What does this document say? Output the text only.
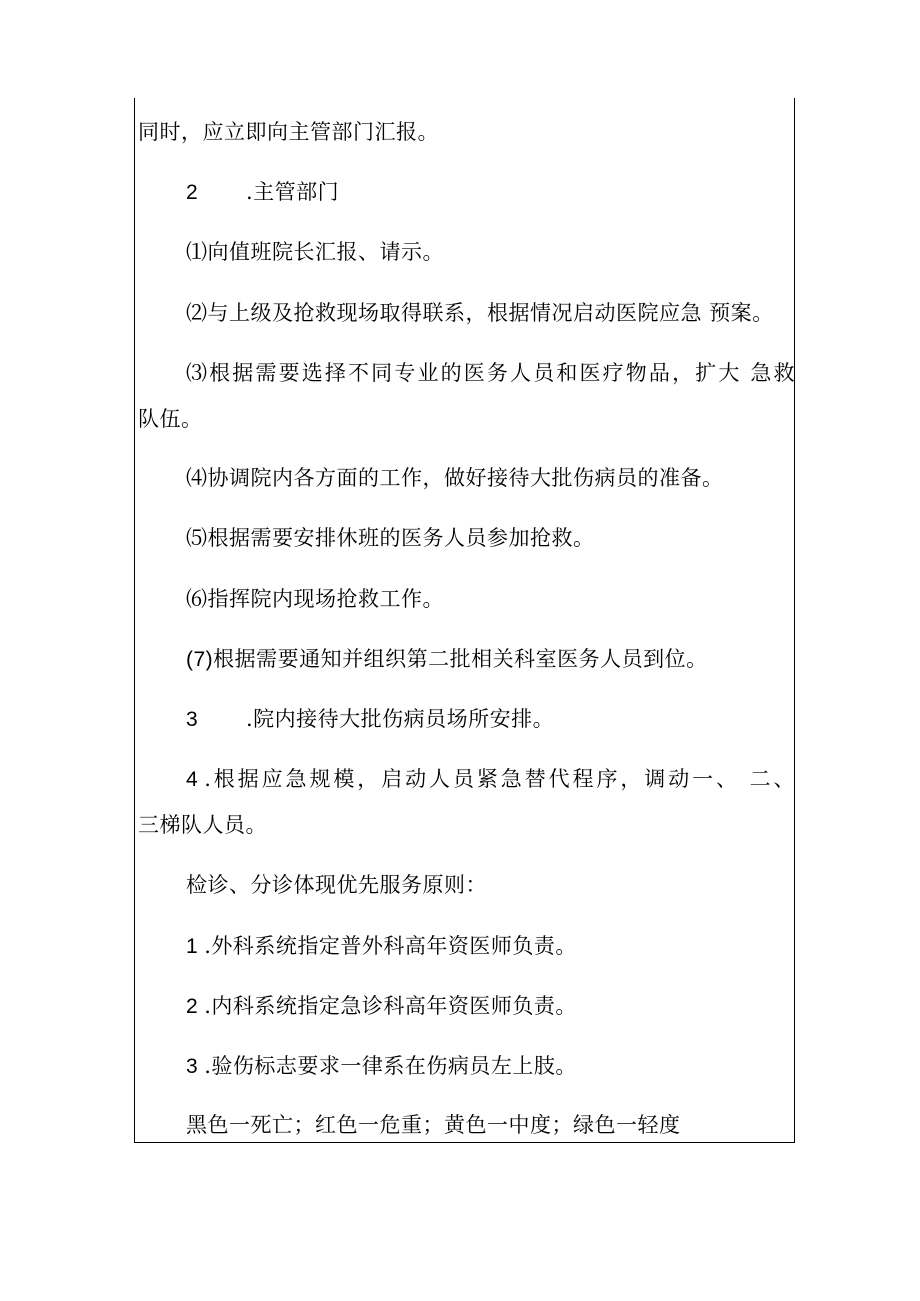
同时，应立即向主管部门汇报。
2 .主管部门
⑴向值班院长汇报、请示。
⑵与上级及抢救现场取得联系，根据情况启动医院应急 预案。
⑶根据需要选择不同专业的医务人员和医疗物品，扩大 急救
队伍。
⑷协调院内各方面的工作，做好接待大批伤病员的准备。
⑸根据需要安排休班的医务人员参加抢救。
⑹指挥院内现场抢救工作。
(7)根据需要通知并组织第二批相关科室医务人员到位。
3 .院内接待大批伤病员场所安排。
4 .根据应急规模，启动人员紧急替代程序，调动一、 二、
三梯队人员。
检诊、分诊体现优先服务原则：
1 .外科系统指定普外科高年资医师负责。
2 .内科系统指定急诊科高年资医师负责。
3 .验伤标志要求一律系在伤病员左上肢。
黑色一死亡；红色一危重；黄色一中度；绿色一轻度
